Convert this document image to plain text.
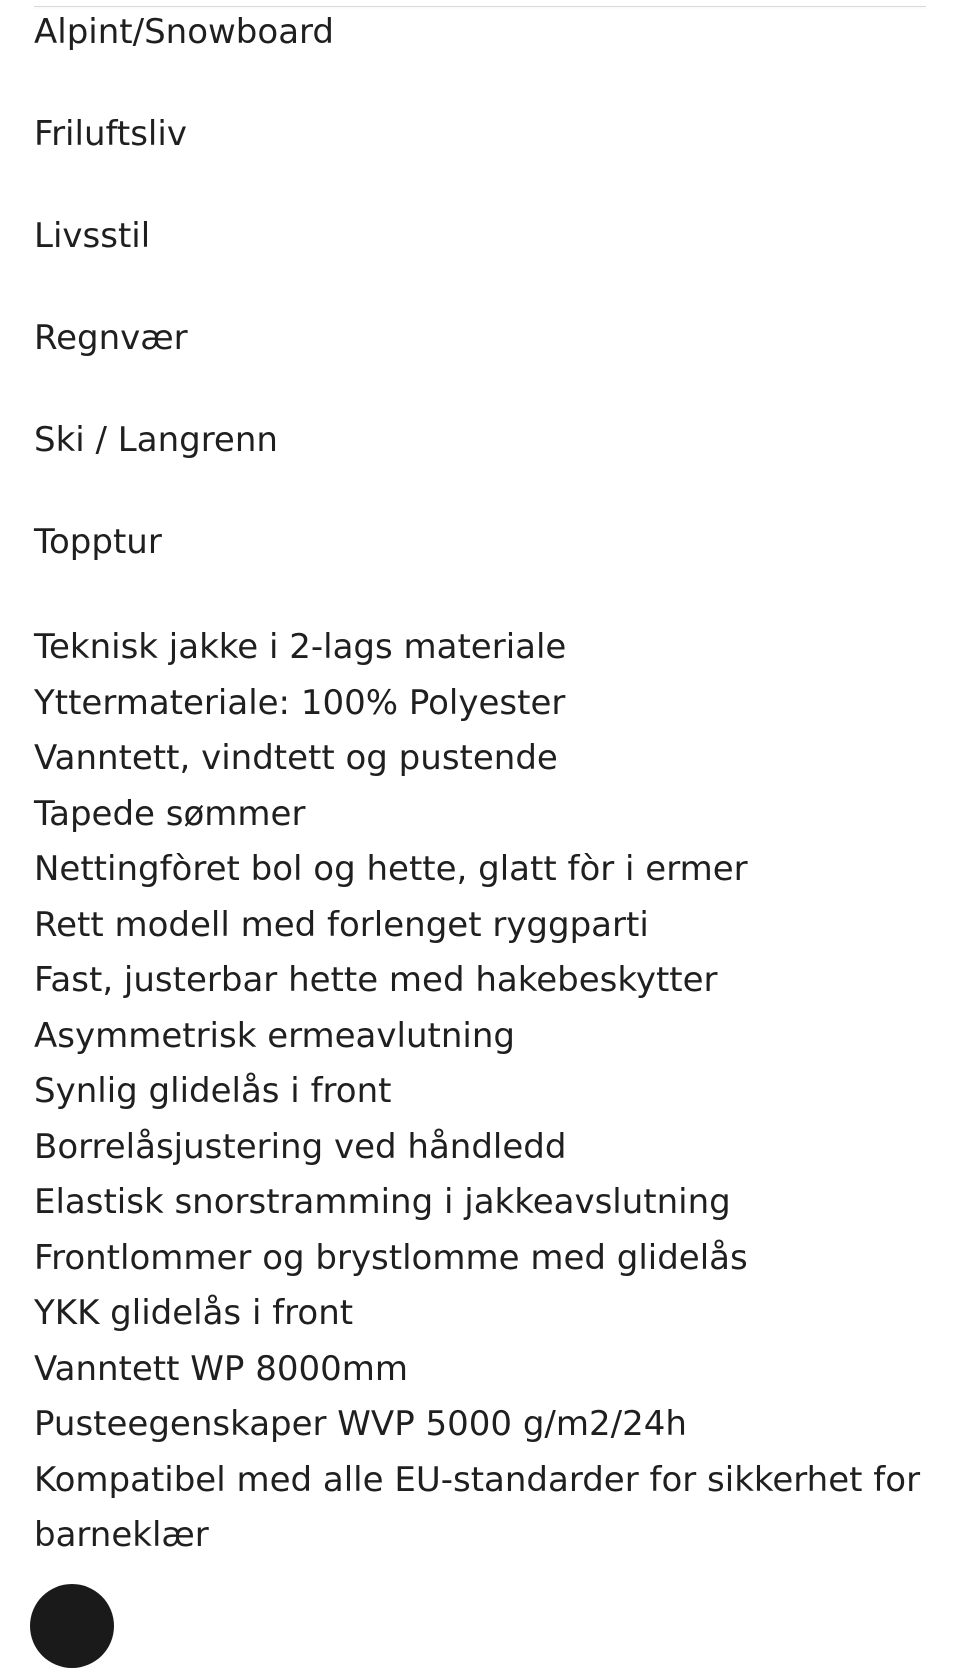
Alpint/Snowboard
Friluftsliv
Livsstil
Regnvær
Ski / Langrenn
Topptur
Teknisk jakke i 2-lags materiale
Yttermateriale: 100% Polyester
Vanntett, vindtett og pustende
Tapede sømmer
Nettingfòret bol og hette, glatt fòr i ermer
Rett modell med forlenget ryggparti
Fast, justerbar hette med hakebeskytter
Asymmetrisk ermeavlutning
Synlig glidelås i front
Borrelåsjustering ved håndledd
Elastisk snorstramming i jakkeavslutning
Frontlommer og brystlomme med glidelås
YKK glidelås i front
Vanntett WP 8000mm
Pusteegenskaper WVP 5000 g/m2/24h
Kompatibel med alle EU-standarder for sikkerhet for barneklær
